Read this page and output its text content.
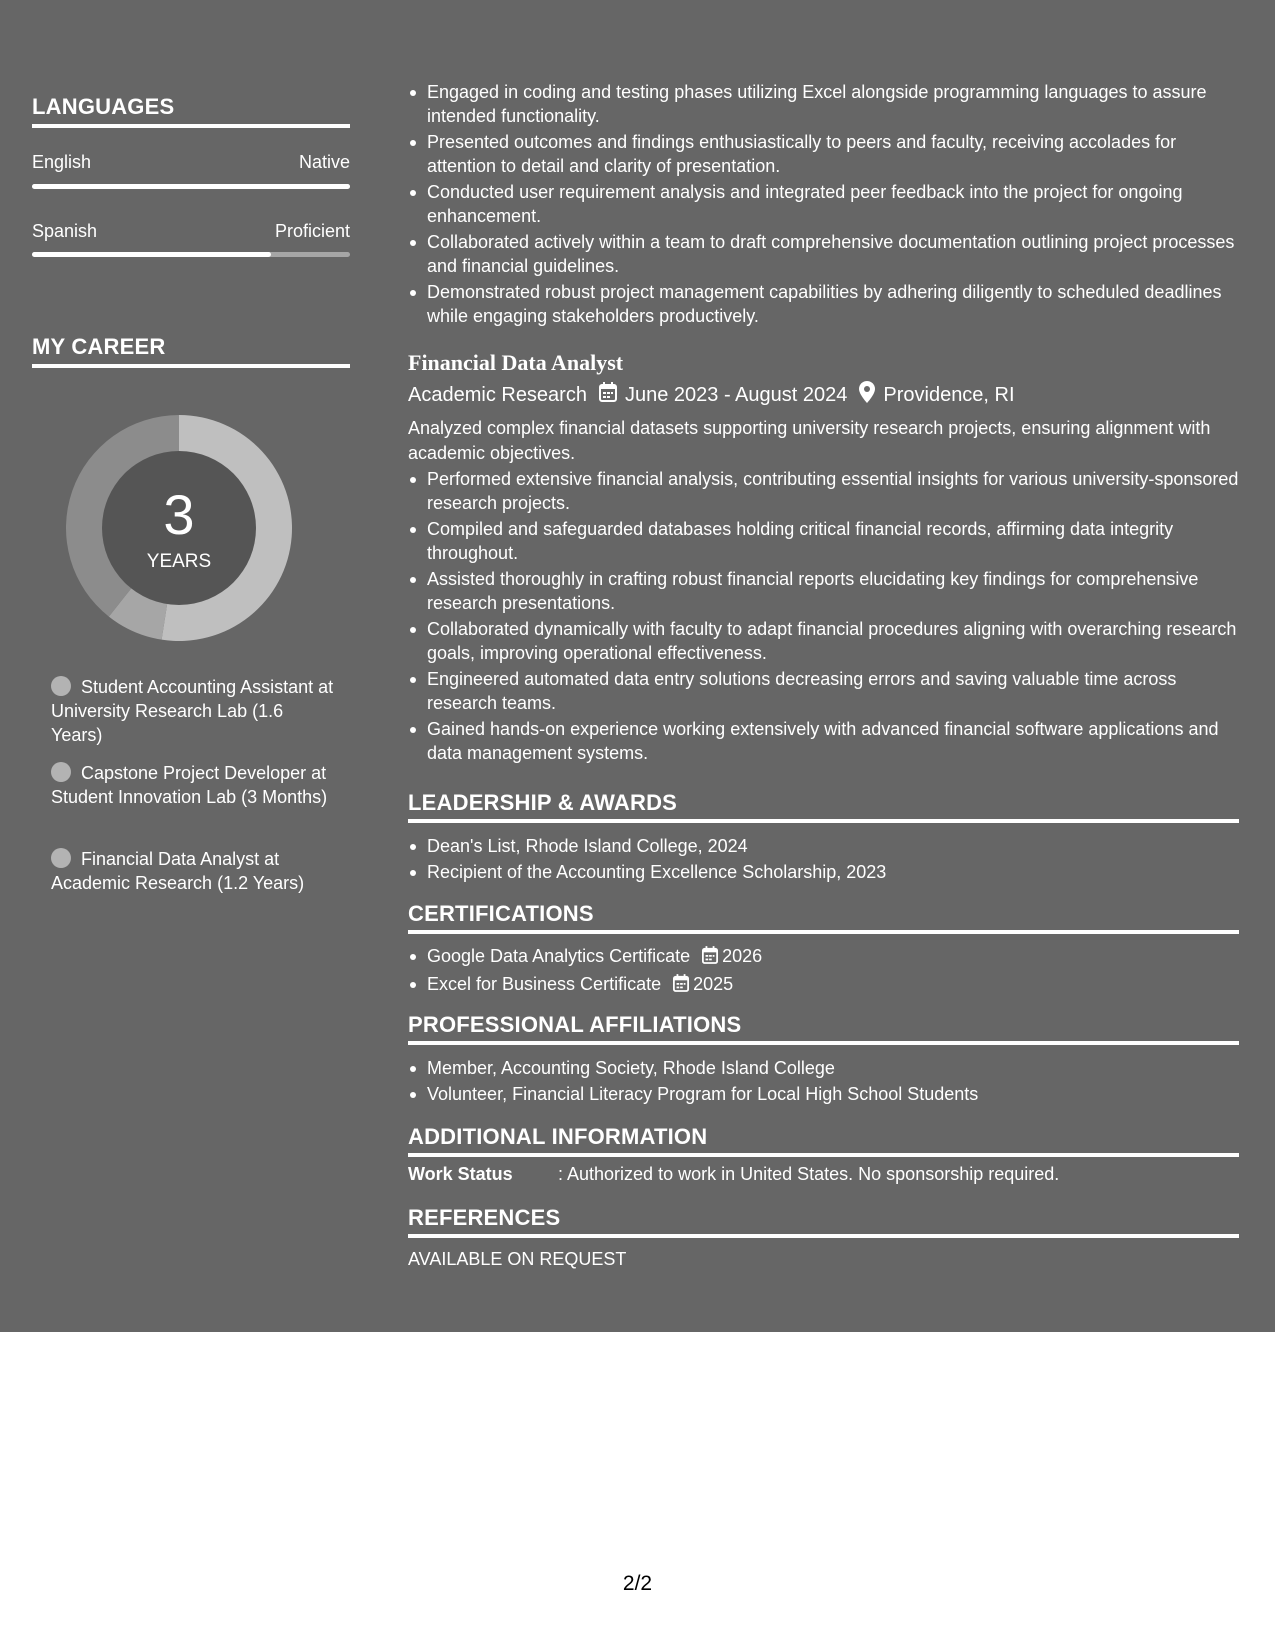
LANGUAGES
English	Native
Spanish	Proficient
MY CAREER
3
YEARS
Student Accounting Assistant at University Research Lab (1.6 Years)
Capstone Project Developer at Student Innovation Lab (3 Months)
Financial Data Analyst at Academic Research (1.2 Years)
Engaged in coding and testing phases utilizing Excel alongside programming languages to assure intended functionality.
Presented outcomes and findings enthusiastically to peers and faculty, receiving accolades for attention to detail and clarity of presentation.
Conducted user requirement analysis and integrated peer feedback into the project for ongoing enhancement.
Collaborated actively within a team to draft comprehensive documentation outlining project processes and financial guidelines.
Demonstrated robust project management capabilities by adhering diligently to scheduled deadlines while engaging stakeholders productively.
Financial Data Analyst
Academic Research June 2023 - August 2024 Providence, RI
Analyzed complex financial datasets supporting university research projects, ensuring alignment with academic objectives.
Performed extensive financial analysis, contributing essential insights for various university-sponsored research projects.
Compiled and safeguarded databases holding critical financial records, affirming data integrity throughout.
Assisted thoroughly in crafting robust financial reports elucidating key findings for comprehensive research presentations.
Collaborated dynamically with faculty to adapt financial procedures aligning with overarching research goals, improving operational effectiveness.
Engineered automated data entry solutions decreasing errors and saving valuable time across research teams.
Gained hands-on experience working extensively with advanced financial software applications and data management systems.
LEADERSHIP & AWARDS
Dean's List, Rhode Island College, 2024
Recipient of the Accounting Excellence Scholarship, 2023
CERTIFICATIONS
Google Data Analytics Certificate 2026
Excel for Business Certificate 2025
PROFESSIONAL AFFILIATIONS
Member, Accounting Society, Rhode Island College
Volunteer, Financial Literacy Program for Local High School Students
ADDITIONAL INFORMATION
Work Status	: Authorized to work in United States. No sponsorship required.
REFERENCES
AVAILABLE ON REQUEST
2/2
